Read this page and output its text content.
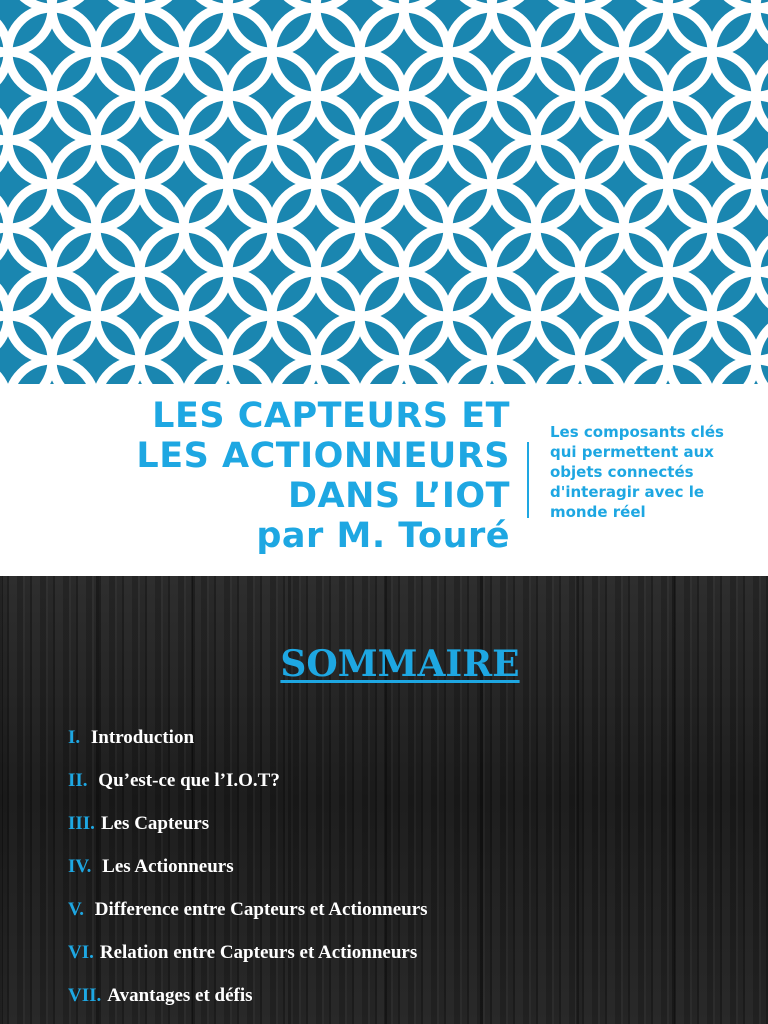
LES CAPTEURS ET
LES ACTIONNEURS
DANS L’IOT
par M. Touré

Les composants clés qui permettent aux objets connectés d'interagir avec le monde réel

SOMMAIRE
I. Introduction
II. Qu’est-ce que l’I.O.T?
III. Les Capteurs
IV. Les Actionneurs
V. Difference entre Capteurs et Actionneurs
VI. Relation entre Capteurs et Actionneurs
VII. Avantages et défis
